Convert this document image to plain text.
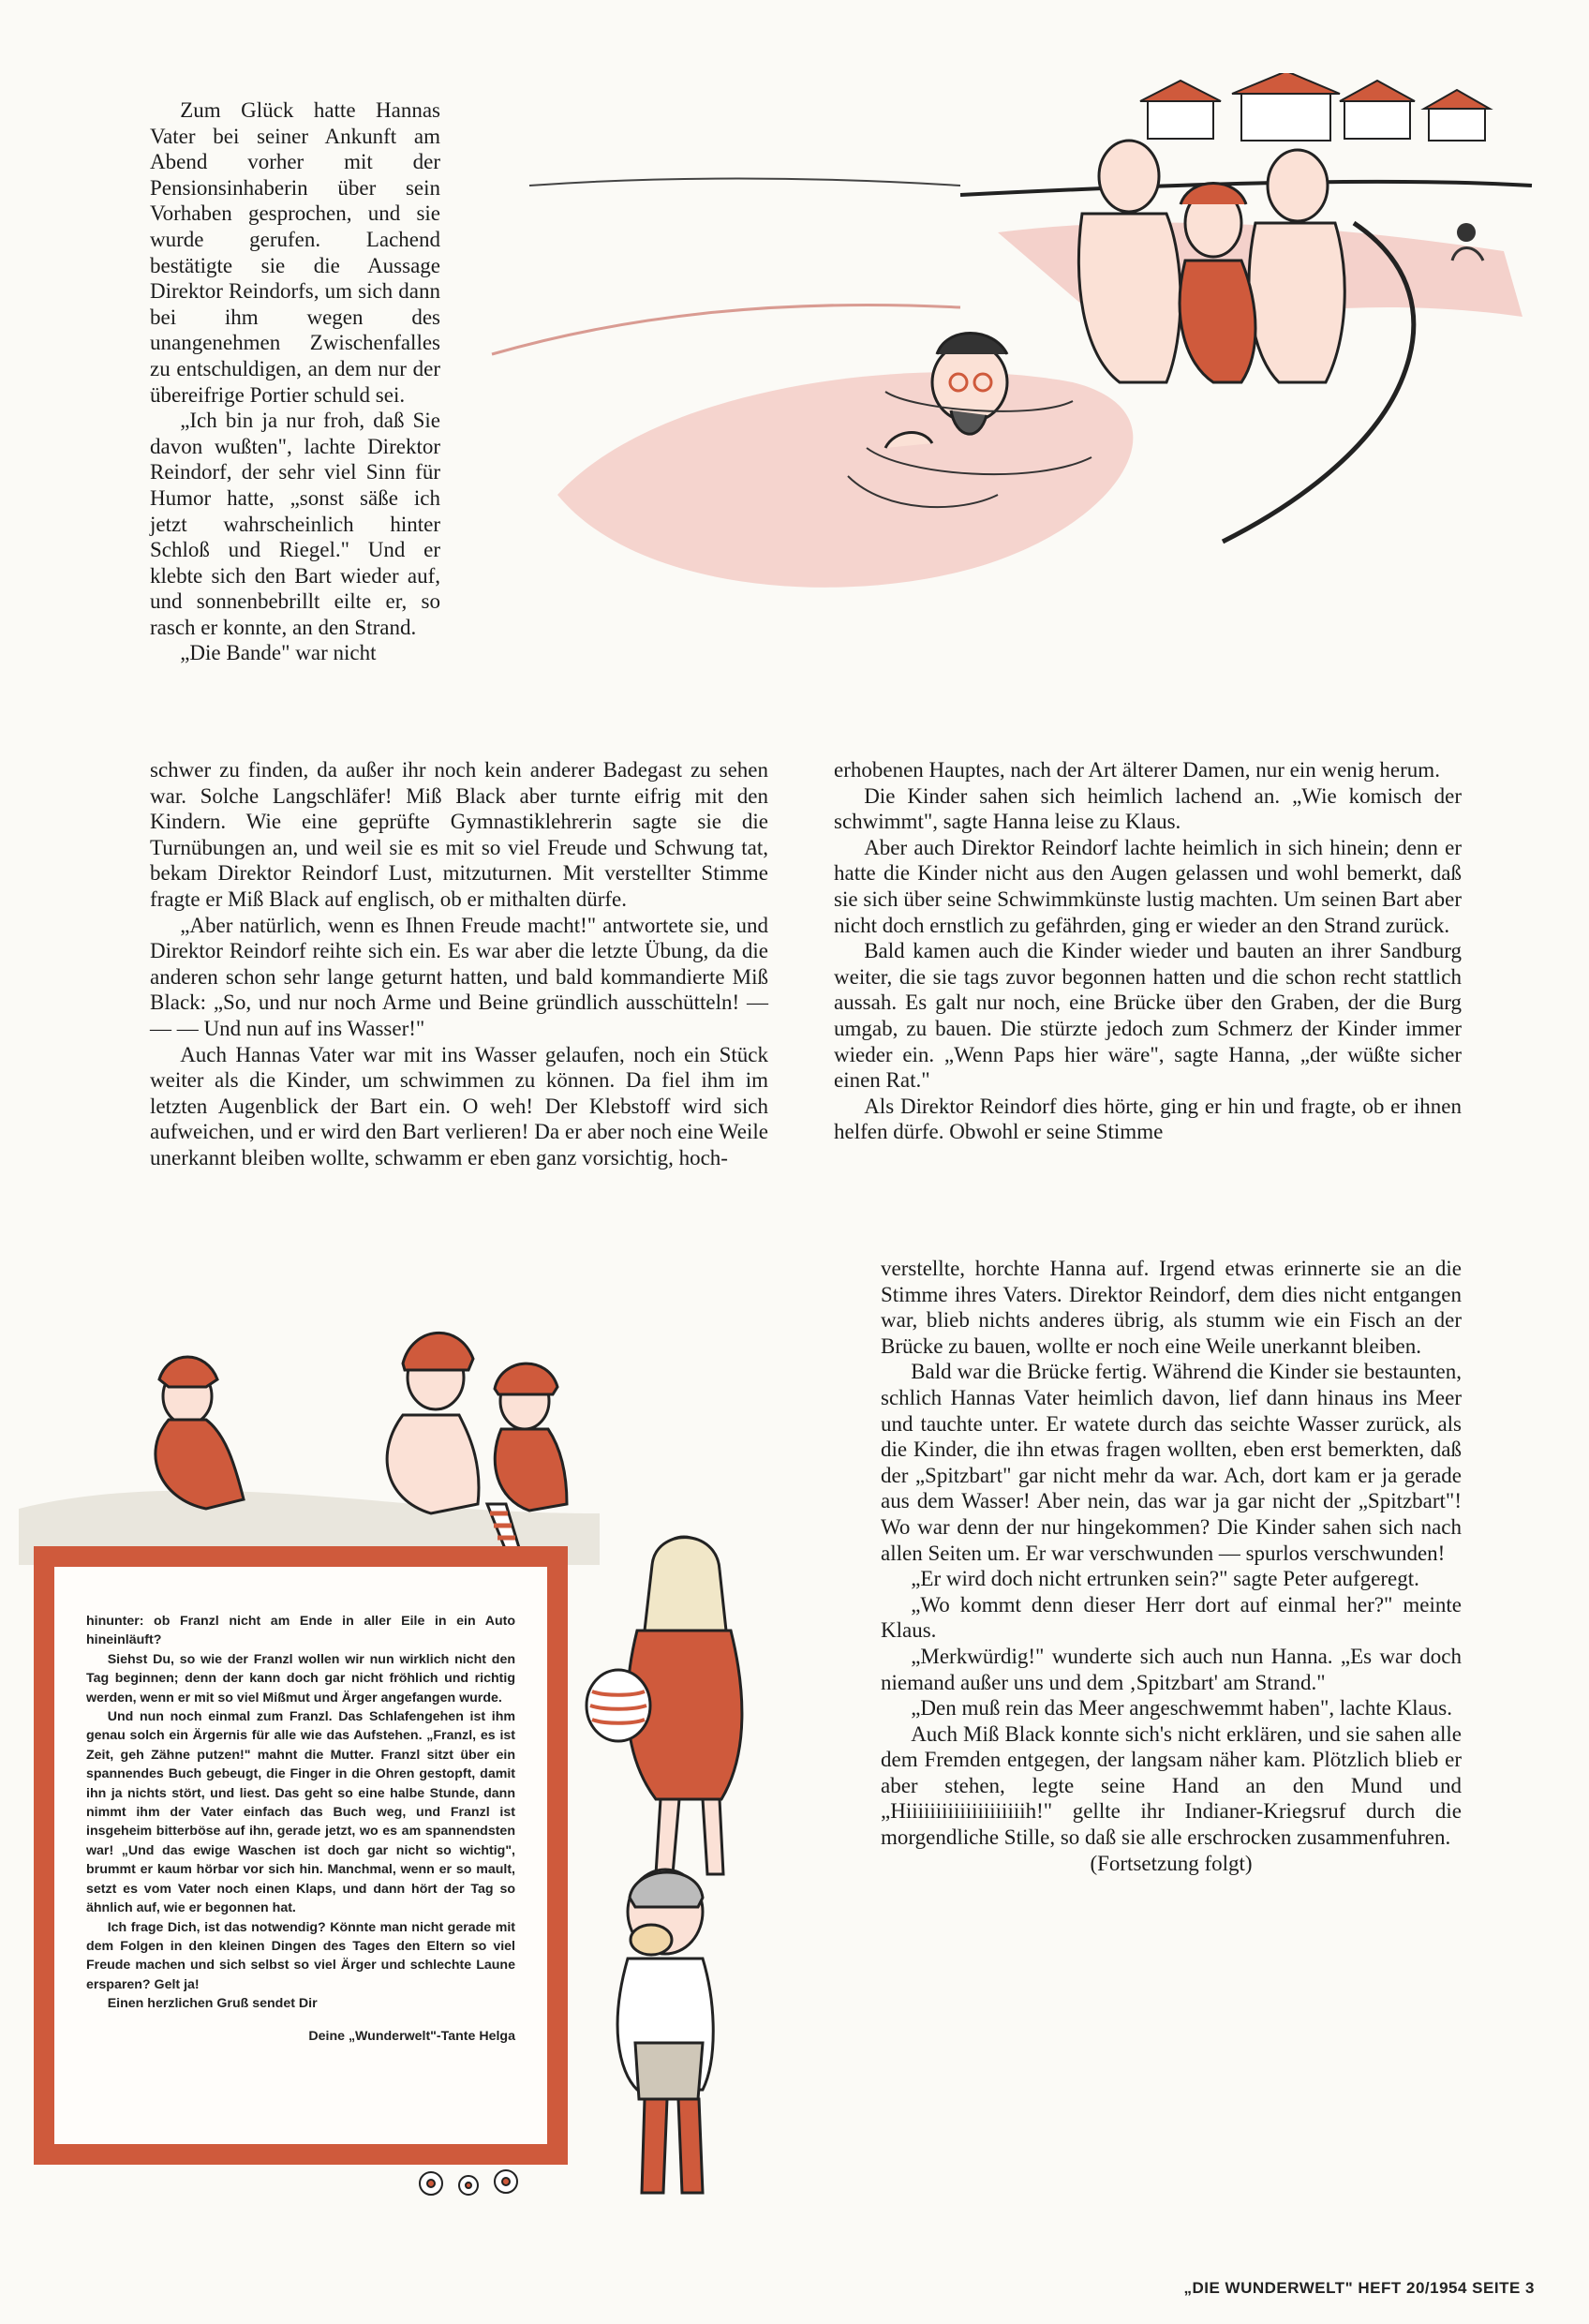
Zum Glück hatte Hannas Vater bei seiner Ankunft am Abend vorher mit der Pensionsinhaberin über sein Vorhaben gesprochen, und sie wurde gerufen. Lachend bestätigte sie die Aussage Direktor Reindorfs, um sich dann bei ihm wegen des unangenehmen Zwischenfalles zu entschuldigen, an dem nur der übereifrige Portier schuld sei.

„Ich bin ja nur froh, daß Sie davon wußten", lachte Direktor Reindorf, der sehr viel Sinn für Humor hatte, „sonst säße ich jetzt wahrscheinlich hinter Schloß und Riegel." Und er klebte sich den Bart wieder auf, und sonnenbebrillt eilte er, so rasch er konnte, an den Strand.

„Die Bande" war nicht

schwer zu finden, da außer ihr noch kein anderer Badegast zu sehen war. Solche Langschläfer! Miß Black aber turnte eifrig mit den Kindern. Wie eine geprüfte Gymnastiklehrerin sagte sie die Turnübungen an, und weil sie es mit so viel Freude und Schwung tat, bekam Direktor Reindorf Lust, mitzuturnen. Mit verstellter Stimme fragte er Miß Black auf englisch, ob er mithalten dürfe.

„Aber natürlich, wenn es Ihnen Freude macht!" antwortete sie, und Direktor Reindorf reihte sich ein. Es war aber die letzte Übung, da die anderen schon sehr lange geturnt hatten, und bald kommandierte Miß Black: „So, und nur noch Arme und Beine gründlich ausschütteln! — — — Und nun auf ins Wasser!"

Auch Hannas Vater war mit ins Wasser gelaufen, noch ein Stück weiter als die Kinder, um schwimmen zu können. Da fiel ihm im letzten Augenblick der Bart ein. O weh! Der Klebstoff wird sich aufweichen, und er wird den Bart verlieren! Da er aber noch eine Weile unerkannt bleiben wollte, schwamm er eben ganz vorsichtig, hoch-

erhobenen Hauptes, nach der Art älterer Damen, nur ein wenig herum.

Die Kinder sahen sich heimlich lachend an. „Wie komisch der schwimmt", sagte Hanna leise zu Klaus.

Aber auch Direktor Reindorf lachte heimlich in sich hinein; denn er hatte die Kinder nicht aus den Augen gelassen und wohl bemerkt, daß sie sich über seine Schwimmkünste lustig machten. Um seinen Bart aber nicht doch ernstlich zu gefährden, ging er wieder an den Strand zurück.

Bald kamen auch die Kinder wieder und bauten an ihrer Sandburg weiter, die sie tags zuvor begonnen hatten und die schon recht stattlich aussah. Es galt nur noch, eine Brücke über den Graben, der die Burg umgab, zu bauen. Die stürzte jedoch zum Schmerz der Kinder immer wieder ein. „Wenn Paps hier wäre", sagte Hanna, „der wüßte sicher einen Rat."

Als Direktor Reindorf dies hörte, ging er hin und fragte, ob er ihnen helfen dürfe. Obwohl er seine Stimme

verstellte, horchte Hanna auf. Irgend etwas erinnerte sie an die Stimme ihres Vaters. Direktor Reindorf, dem dies nicht entgangen war, blieb nichts anderes übrig, als stumm wie ein Fisch an der Brücke zu bauen, wollte er noch eine Weile unerkannt bleiben.

Bald war die Brücke fertig. Während die Kinder sie bestaunten, schlich Hannas Vater heimlich davon, lief dann hinaus ins Meer und tauchte unter. Er watete durch das seichte Wasser zurück, als die Kinder, die ihn etwas fragen wollten, eben erst bemerkten, daß der „Spitzbart" gar nicht mehr da war. Ach, dort kam er ja gerade aus dem Wasser! Aber nein, das war ja gar nicht der „Spitzbart"! Wo war denn der nur hingekommen? Die Kinder sahen sich nach allen Seiten um. Er war verschwunden — spurlos verschwunden!

„Er wird doch nicht ertrunken sein?" sagte Peter aufgeregt.

„Wo kommt denn dieser Herr dort auf einmal her?" meinte Klaus.

„Merkwürdig!" wunderte sich auch nun Hanna. „Es war doch niemand außer uns und dem ‚Spitzbart' am Strand."

„Den muß rein das Meer angeschwemmt haben", lachte Klaus.

Auch Miß Black konnte sich's nicht erklären, und sie sahen alle dem Fremden entgegen, der langsam näher kam. Plötzlich blieb er aber stehen, legte seine Hand an den Mund und „Hiiiiiiiiiiiiiiiiiiiih!" gellte ihr Indianer-Kriegsruf durch die morgendliche Stille, so daß sie alle erschrocken zusammenfuhren.

(Fortsetzung folgt)

hinunter: ob Franzl nicht am Ende in aller Eile in ein Auto hineinläuft?

Siehst Du, so wie der Franzl wollen wir nun wirklich nicht den Tag beginnen; denn der kann doch gar nicht fröhlich und richtig werden, wenn er mit so viel Mißmut und Ärger angefangen wurde.

Und nun noch einmal zum Franzl. Das Schlafengehen ist ihm genau solch ein Ärgernis für alle wie das Aufstehen. „Franzl, es ist Zeit, geh Zähne putzen!" mahnt die Mutter. Franzl sitzt über ein spannendes Buch gebeugt, die Finger in die Ohren gestopft, damit ihn ja nichts stört, und liest. Das geht so eine halbe Stunde, dann nimmt ihm der Vater einfach das Buch weg, und Franzl ist insgeheim bitterböse auf ihn, gerade jetzt, wo es am spannendsten war! „Und das ewige Waschen ist doch gar nicht so wichtig", brummt er kaum hörbar vor sich hin. Manchmal, wenn er so mault, setzt es vom Vater noch einen Klaps, und dann hört der Tag so ähnlich auf, wie er begonnen hat.

Ich frage Dich, ist das notwendig? Könnte man nicht gerade mit dem Folgen in den kleinen Dingen des Tages den Eltern so viel Freude machen und sich selbst so viel Ärger und schlechte Laune ersparen? Gelt ja!

Einen herzlichen Gruß sendet Dir

Deine „Wunderwelt"-Tante Helga

„DIE WUNDERWELT" HEFT 20/1954 SEITE 3
